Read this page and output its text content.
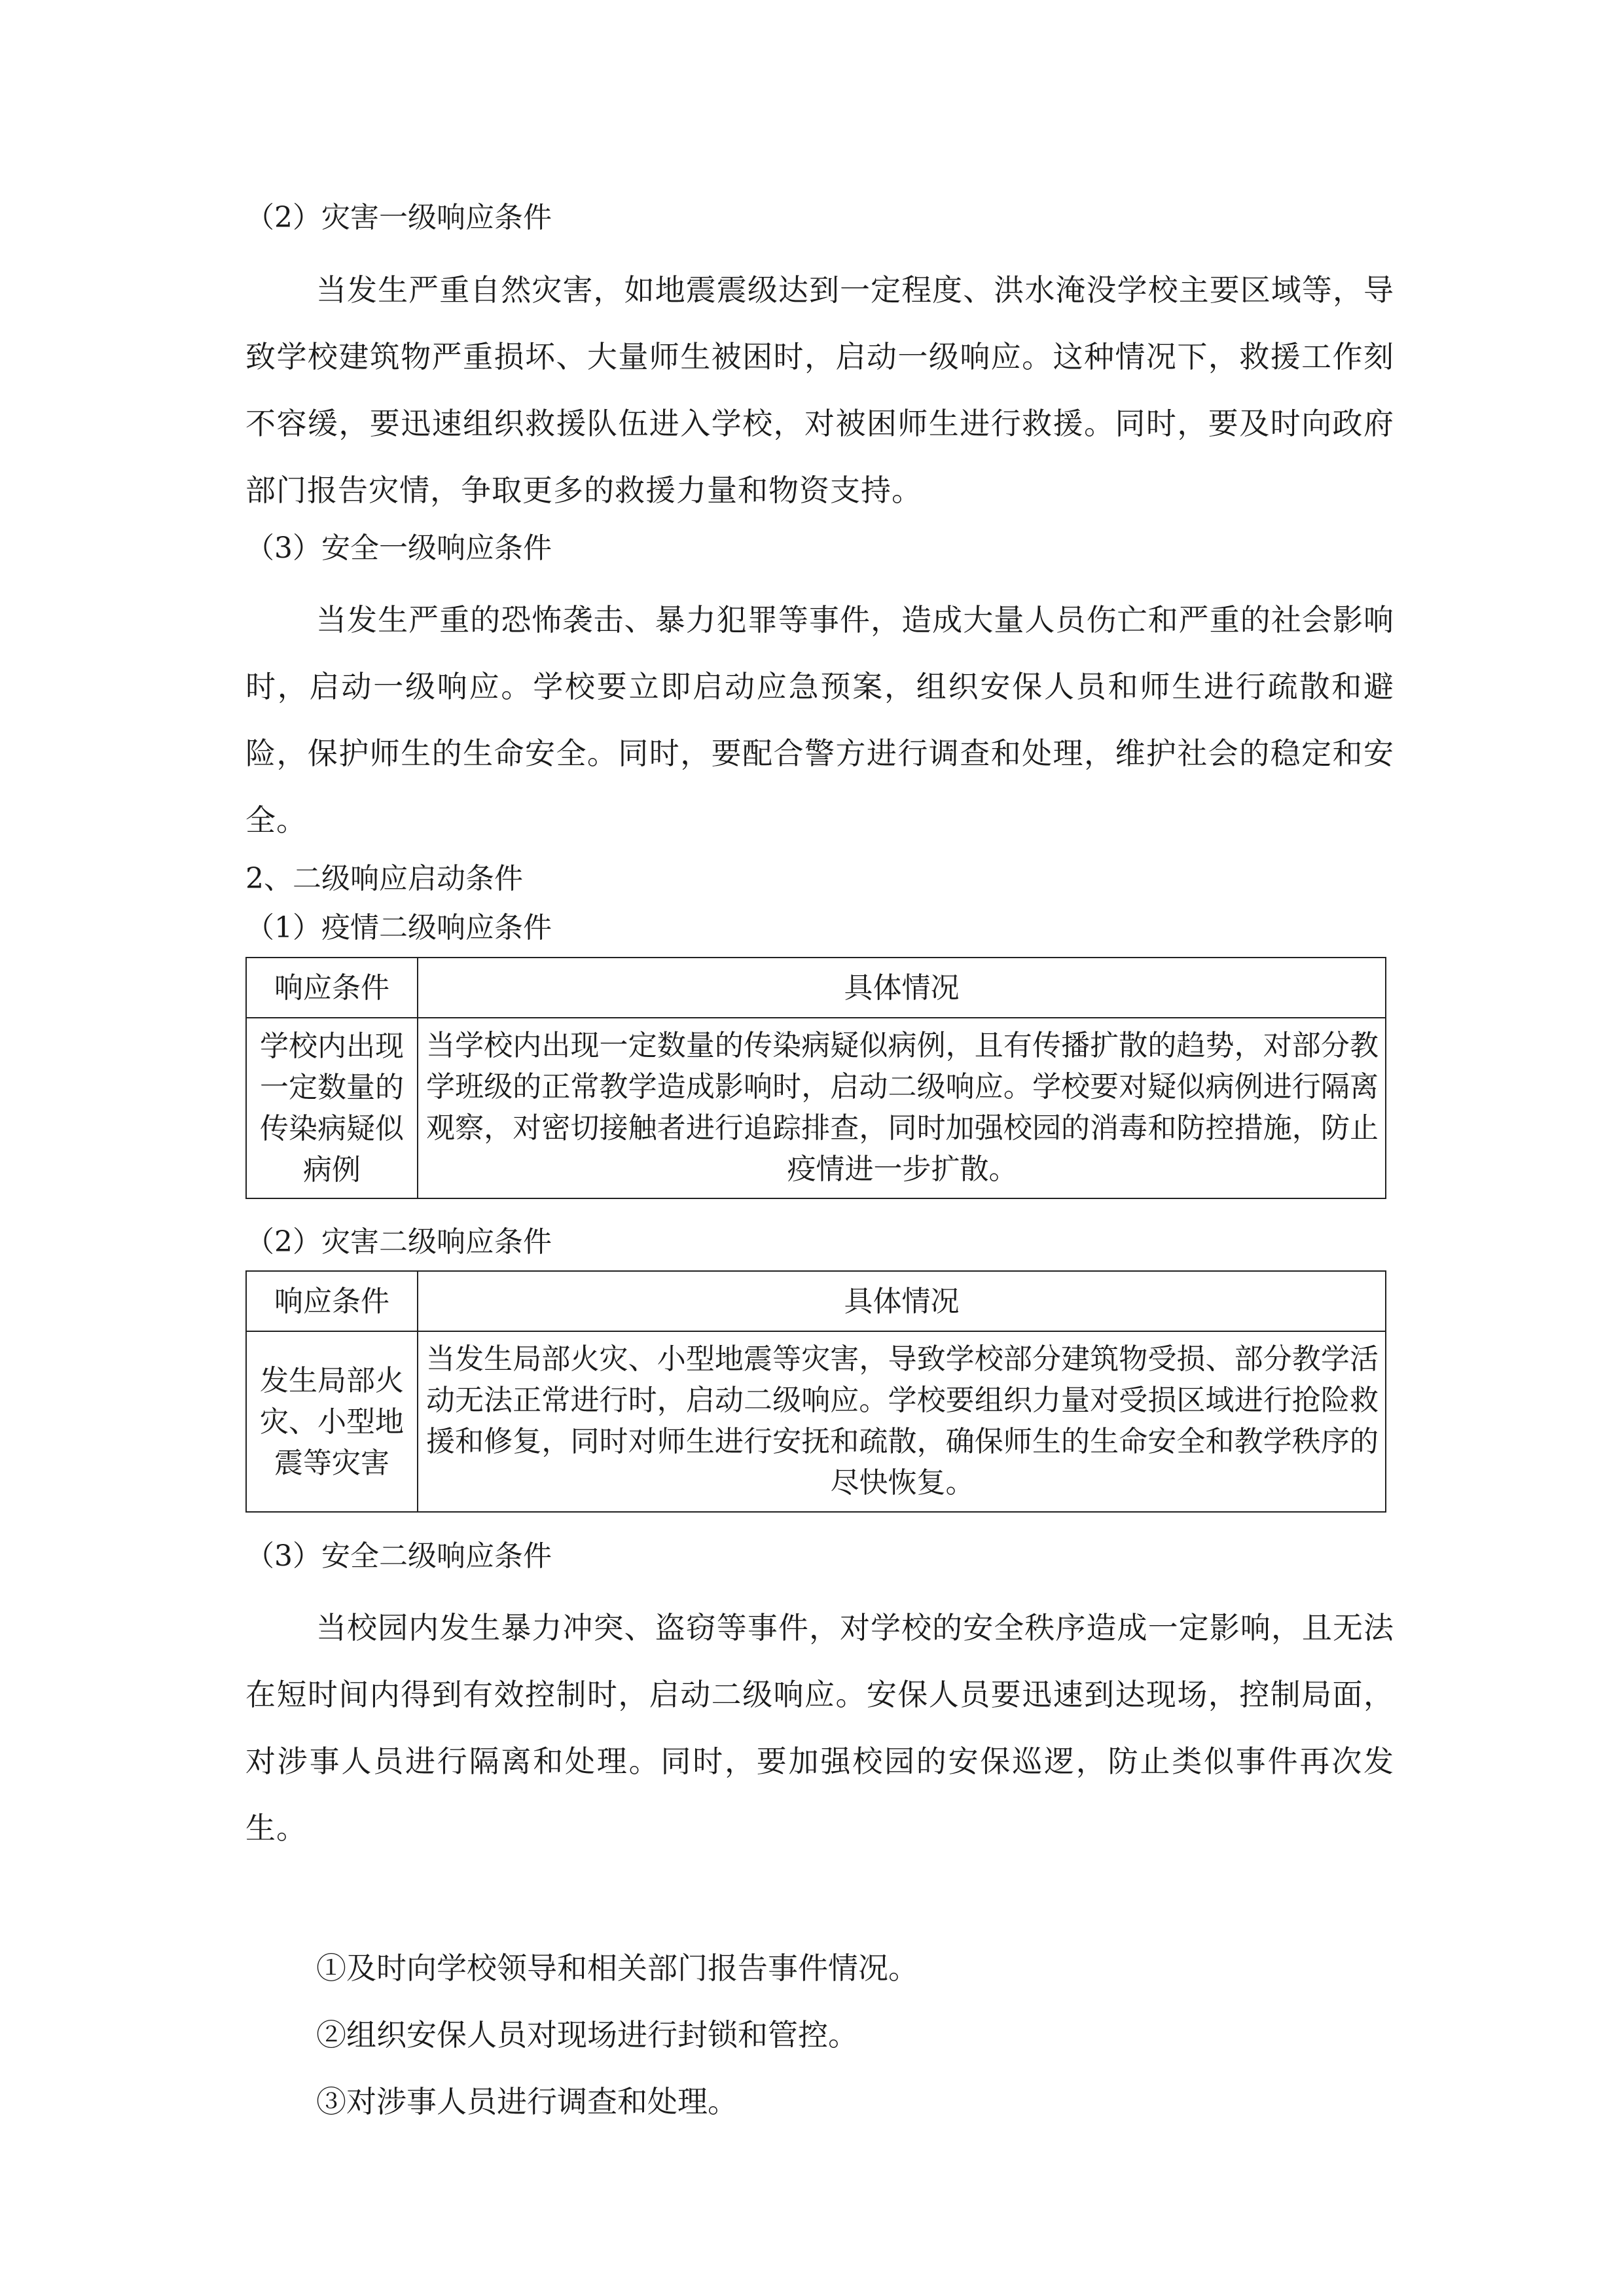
（2）灾害一级响应条件

当发生严重自然灾害，如地震震级达到一定程度、洪水淹没学校主要区域等，导致学校建筑物严重损坏、大量师生被困时，启动一级响应。这种情况下，救援工作刻不容缓，要迅速组织救援队伍进入学校，对被困师生进行救援。同时，要及时向政府部门报告灾情，争取更多的救援力量和物资支持。

（3）安全一级响应条件

当发生严重的恐怖袭击、暴力犯罪等事件，造成大量人员伤亡和严重的社会影响时，启动一级响应。学校要立即启动应急预案，组织安保人员和师生进行疏散和避险，保护师生的生命安全。同时，要配合警方进行调查和处理，维护社会的稳定和安全。

2、二级响应启动条件

（1）疫情二级响应条件

响应条件	具体情况
学校内出现一定数量的传染病疑似病例	当学校内出现一定数量的传染病疑似病例，且有传播扩散的趋势，对部分教学班级的正常教学造成影响时，启动二级响应。学校要对疑似病例进行隔离观察，对密切接触者进行追踪排查，同时加强校园的消毒和防控措施，防止疫情进一步扩散。

（2）灾害二级响应条件

响应条件	具体情况
发生局部火灾、小型地震等灾害	当发生局部火灾、小型地震等灾害，导致学校部分建筑物受损、部分教学活动无法正常进行时，启动二级响应。学校要组织力量对受损区域进行抢险救援和修复，同时对师生进行安抚和疏散，确保师生的生命安全和教学秩序的尽快恢复。

（3）安全二级响应条件

当校园内发生暴力冲突、盗窃等事件，对学校的安全秩序造成一定影响，且无法在短时间内得到有效控制时，启动二级响应。安保人员要迅速到达现场，控制局面，对涉事人员进行隔离和处理。同时，要加强校园的安保巡逻，防止类似事件再次发生。

①及时向学校领导和相关部门报告事件情况。

②组织安保人员对现场进行封锁和管控。

③对涉事人员进行调查和处理。
